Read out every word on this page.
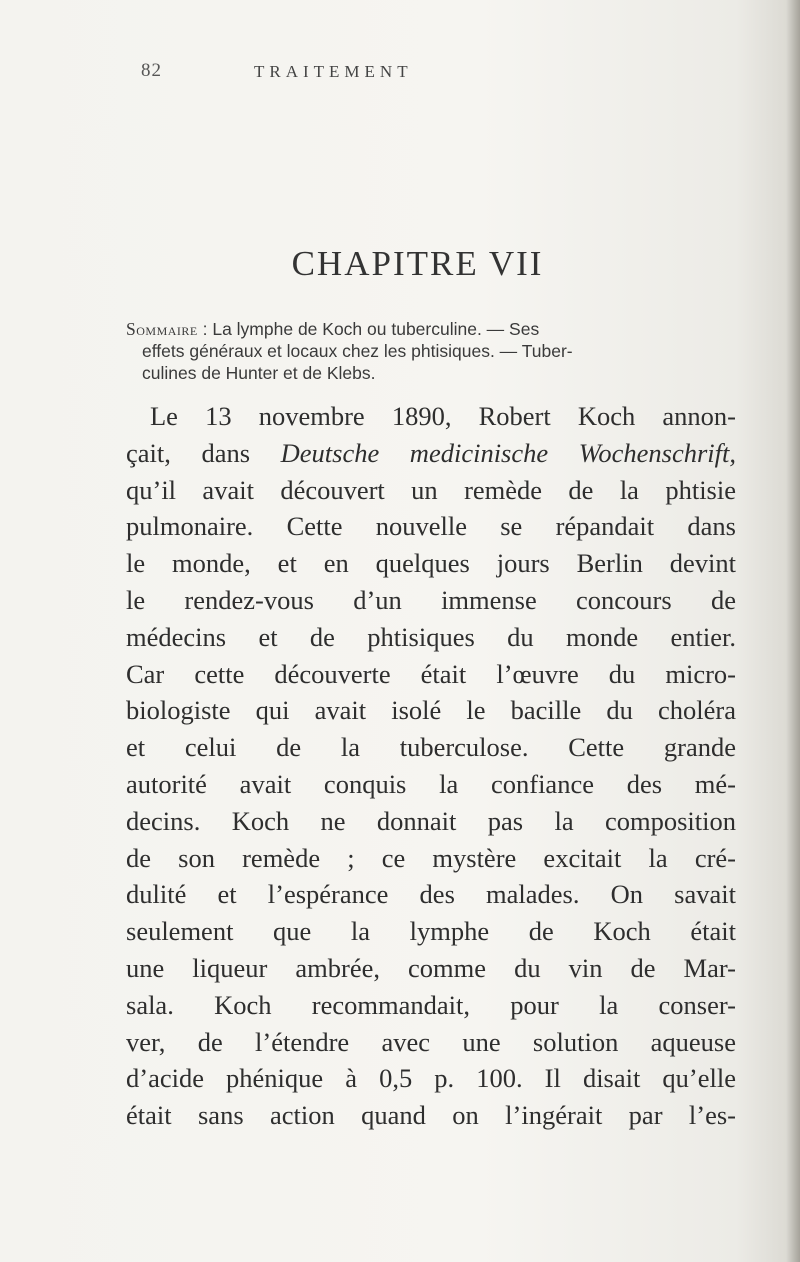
82	TRAITEMENT
CHAPITRE VII
Sommaire : La lymphe de Koch ou tuberculine. — Ses
effets généraux et locaux chez les phtisiques. — Tuber-
culines de Hunter et de Klebs.
Le 13 novembre 1890, Robert Koch annon-
çait, dans Deutsche medicinische Wochenschrift,
qu’il avait découvert un remède de la phtisie
pulmonaire. Cette nouvelle se répandait dans
le monde, et en quelques jours Berlin devint
le rendez-vous d’un immense concours de
médecins et de phtisiques du monde entier.
Car cette découverte était l’œuvre du micro-
biologiste qui avait isolé le bacille du choléra
et celui de la tuberculose. Cette grande
autorité avait conquis la confiance des mé-
decins. Koch ne donnait pas la composition
de son remède ; ce mystère excitait la cré-
dulité et l’espérance des malades. On savait
seulement que la lymphe de Koch était
une liqueur ambrée, comme du vin de Mar-
sala. Koch recommandait, pour la conser-
ver, de l’étendre avec une solution aqueuse
d’acide phénique à 0,5 p. 100. Il disait qu’elle
était sans action quand on l’ingérait par l’es-
